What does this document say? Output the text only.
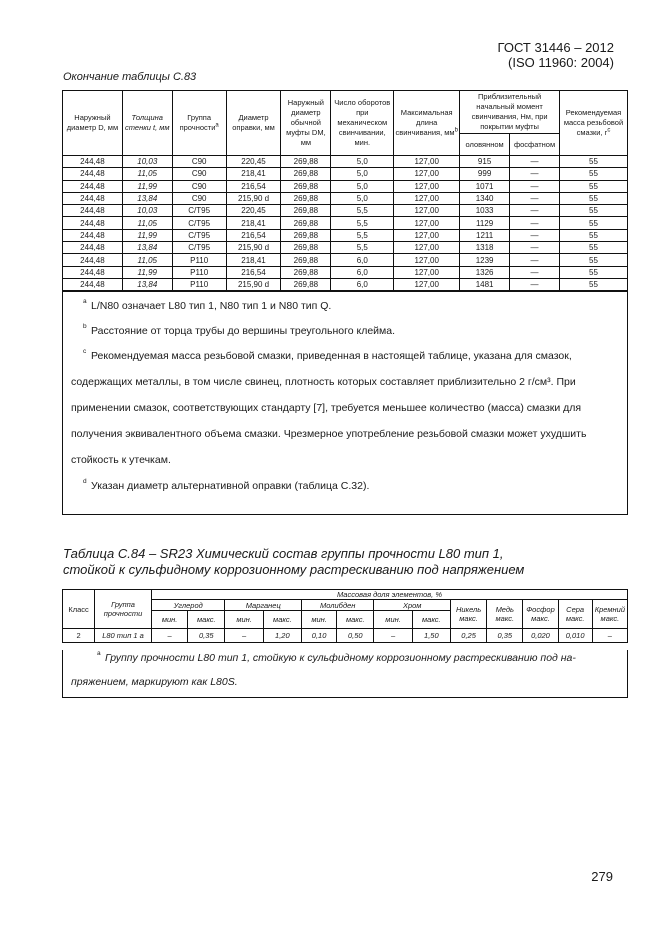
ГОСТ 31446 – 2012
(ISO 11960: 2004)
Окончание таблицы С.83
Наружный диаметр D, мм	Толщина стенки t, мм	Группа прочности$^a$	Диаметр оправки, мм	Наружный диаметр обычной муфты DM, мм	Число оборотов при механическом свинчивании, мин.	Максимальная длина свинчивания, $мм^b$	Приблизительный начальный момент свинчивания, Нм, при покрытии муфты		Рекомендуемая масса резьбовой смазки, $г^c$
							оловянном	фосфатном	
244,48	10,03	C90	220,45	269,88	5,0	127,00	915	—	55
244,48	11,05	C90	218,41	269,88	5,0	127,00	999	—	55
244,48	11,99	C90	216,54	269,88	5,0	127,00	1071	—	55
244,48	13,84	C90	215,90 d	269,88	5,0	127,00	1340	—	55
244,48	10,03	C/T95	220,45	269,88	5,5	127,00	1033	—	55
244,48	11,05	C/T95	218,41	269,88	5,5	127,00	1129	—	55
244,48	11,99	C/T95	216,54	269,88	5,5	127,00	1211	—	55
244,48	13,84	C/T95	215,90 d	269,88	5,5	127,00	1318	—	55
244,48	11,05	P110	218,41	269,88	6,0	127,00	1239	—	55
244,48	11,99	P110	216,54	269,88	6,0	127,00	1326	—	55
244,48	13,84	P110	215,90 d	269,88	6,0	127,00	1481	—	55
a L/N80 означает L80 тип 1, N80 тип 1 и N80 тип Q.
b Расстояние от торца трубы до вершины треугольного клейма.
c Рекомендуемая масса резьбовой смазки, приведенная в настоящей таблице, указана для смазок,
содержащих металлы, в том числе свинец, плотность которых составляет приблизительно 2 г/см³. При
применении смазок, соответствующих стандарту [7], требуется меньшее количество (масса) смазки для
получения эквивалентного объема смазки. Чрезмерное употребление резьбовой смазки может ухудшить
стойкость к утечкам.
d Указан диаметр альтернативной оправки (таблица С.32).
Таблица С.84 – SR23 Химический состав группы прочности L80 тип 1,
стойкой к сульфидному коррозионному растрескиванию под напряжением
Класс	Группа прочности	Массовая доля элементов, %												
		Углерод		Марганец		Молибден		Хром		Никель макс.	Медь макс.	Фосфор макс.	Сера макс.	Кремний макс.
		мин.	макс.	мин.	макс.	мин.	макс.	мин.	макс.					
2	L80 тип 1 a	–	0,35	–	1,20	0,10	0,50	–	1,50	0,25	0,35	0,020	0,010	–
a Группу прочности L80 тип 1, стойкую к сульфидному коррозионному растрескиванию под на-
пряжением, маркируют как L80S.
279
